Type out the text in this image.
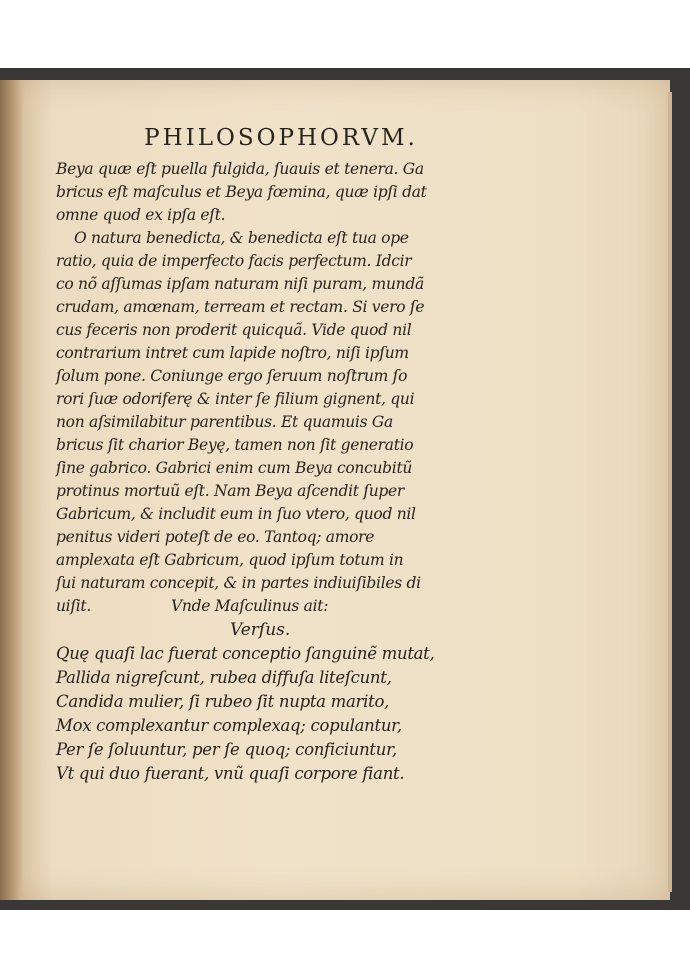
PHILOSOPHORVM.
Beya quæ eſt puella fulgida, ſuauis et tenera. Ga
bricus eſt maſculus et Beya fœmina, quæ ipſi dat
omne quod ex ipſa eſt.
O natura benedicta, & benedicta eſt tua ope
ratio, quia de imperfecto facis perfectum. Idcir
co nõ aſſumas ipſam naturam niſi puram, mundã
crudam, amœnam, terream et rectam. Si vero ſe
cus feceris non proderit quicquã. Vide quod nil
contrarium intret cum lapide noſtro, niſi ipſum
ſolum pone. Coniunge ergo ſeruum noſtrum ſo
rori ſuæ odoriferę & inter ſe filium gignent, qui
non aſsimilabitur parentibus. Et quamuis Ga
bricus ſit charior Beyę, tamen non ſit generatio
ſine gabrico. Gabrici enim cum Beya concubitũ
protinus mortuũ eſt. Nam Beya aſcendit ſuper
Gabricum, & includit eum in ſuo vtero, quod nil
penitus videri poteſt de eo. Tantoq; amore
amplexata eſt Gabricum, quod ipſum totum in
ſui naturam concepit, & in partes indiuiſibiles di
uiſit.	Vnde Maſculinus ait:
Verſus.
Quę quaſi lac fuerat conceptio ſanguinẽ mutat,
Pallida nigreſcunt, rubea diffuſa liteſcunt,
Candida mulier, ſi rubeo ſit nupta marito,
Mox complexantur complexaq; copulantur,
Per ſe ſoluuntur, per ſe quoq; conficiuntur,
Vt qui duo fuerant, vnũ quaſi corpore fiant.
